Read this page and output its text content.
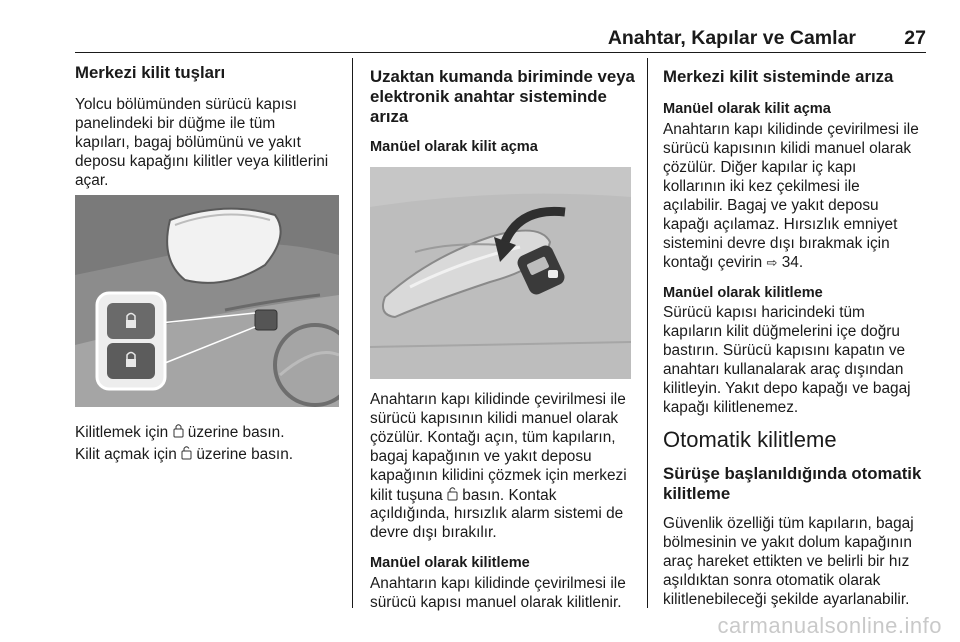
Anahtar, Kapılar ve Camlar 27
Merkezi kilit tuşları
Yolcu bölümünden sürücü kapısı
panelindeki bir düğme ile tüm
kapıları, bagaj bölümünü ve yakıt
deposu kapağını kilitler veya kilitlerini
açar.
Kilitlemek için üzerine basın.
Kilit açmak için üzerine basın.
Uzaktan kumanda biriminde veya
elektronik anahtar sisteminde
arıza
Manüel olarak kilit açma
Anahtarın kapı kilidinde çevirilmesi ile
sürücü kapısının kilidi manuel olarak
çözülür. Kontağı açın, tüm kapıların,
bagaj kapağının ve yakıt deposu
kapağının kilidini çözmek için merkezi
kilit tuşuna basın. Kontak
açıldığında, hırsızlık alarm sistemi de
devre dışı bırakılır.
Manüel olarak kilitleme
Anahtarın kapı kilidinde çevirilmesi ile
sürücü kapısı manuel olarak kilitlenir.
Merkezi kilit sisteminde arıza
Manüel olarak kilit açma
Anahtarın kapı kilidinde çevirilmesi ile
sürücü kapısının kilidi manuel olarak
çözülür. Diğer kapılar iç kapı
kollarının iki kez çekilmesi ile
açılabilir. Bagaj ve yakıt deposu
kapağı açılamaz. Hırsızlık emniyet
sistemini devre dışı bırakmak için
kontağı çevirin ⇨ 34.
Manüel olarak kilitleme
Sürücü kapısı haricindeki tüm
kapıların kilit düğmelerini içe doğru
bastırın. Sürücü kapısını kapatın ve
anahtarı kullanalarak araç dışından
kilitleyin. Yakıt depo kapağı ve bagaj
kapağı kilitlenemez.
Otomatik kilitleme
Sürüşe başlanıldığında otomatik
kilitleme
Güvenlik özelliği tüm kapıların, bagaj
bölmesinin ve yakıt dolum kapağının
araç hareket ettikten ve belirli bir hız
aşıldıktan sonra otomatik olarak
kilitlenebileceği şekilde ayarlanabilir.
carmanualsonline.info
